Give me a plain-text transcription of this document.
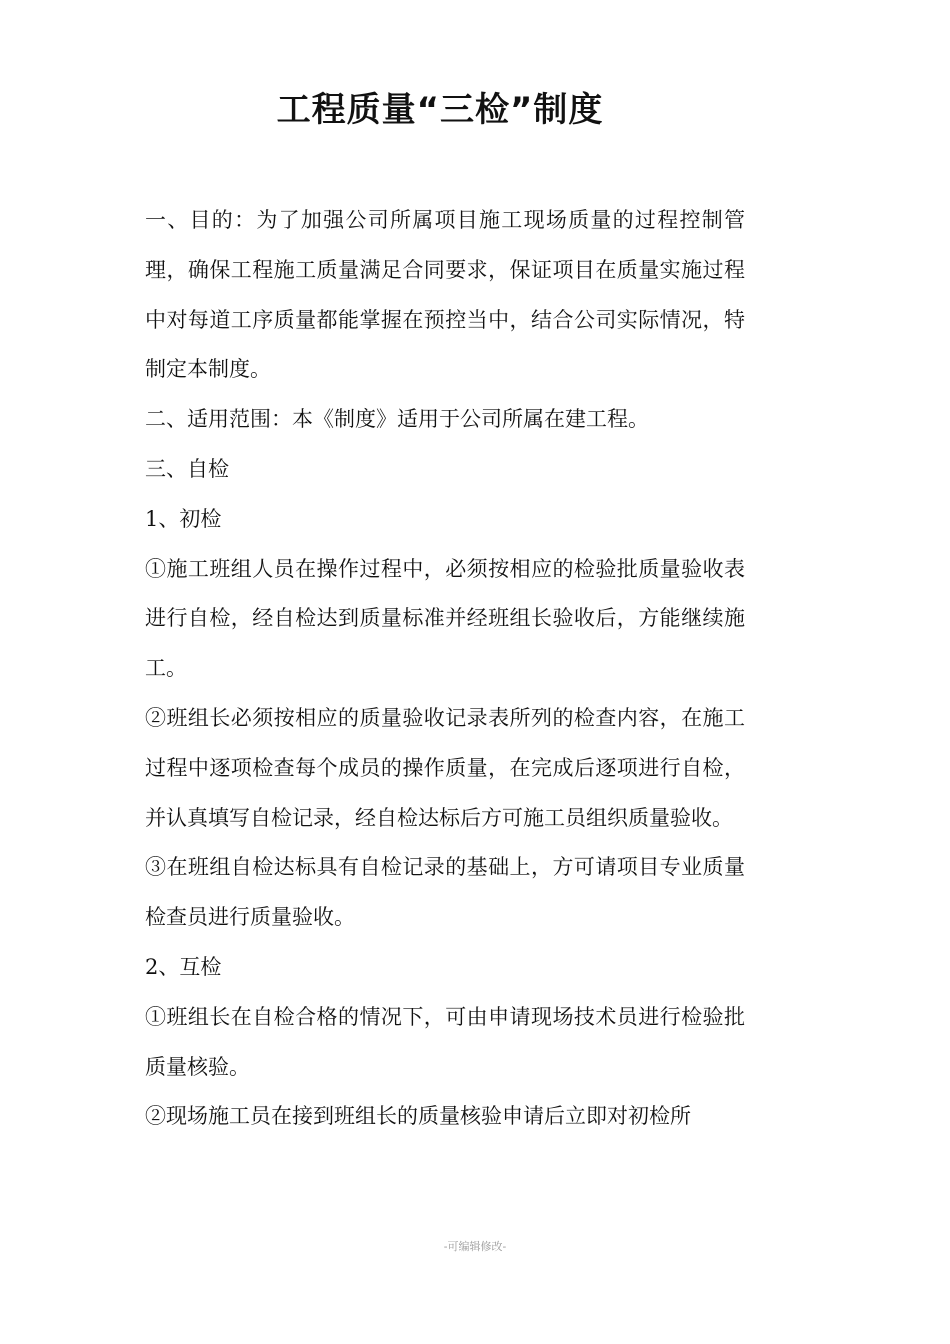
工程质量“三检”制度

一、目的：为了加强公司所属项目施工现场质量的过程控制管理，确保工程施工质量满足合同要求，保证项目在质量实施过程中对每道工序质量都能掌握在预控当中，结合公司实际情况，特制定本制度。

二、适用范围：本《制度》适用于公司所属在建工程。

三、自检

1、初检

①施工班组人员在操作过程中，必须按相应的检验批质量验收表进行自检，经自检达到质量标准并经班组长验收后，方能继续施工。

②班组长必须按相应的质量验收记录表所列的检查内容，在施工过程中逐项检查每个成员的操作质量，在完成后逐项进行自检，并认真填写自检记录，经自检达标后方可施工员组织质量验收。

③在班组自检达标具有自检记录的基础上，方可请项目专业质量检查员进行质量验收。

2、互检

①班组长在自检合格的情况下，可由申请现场技术员进行检验批质量核验。

②现场施工员在接到班组长的质量核验申请后立即对初检所

-可编辑修改-
